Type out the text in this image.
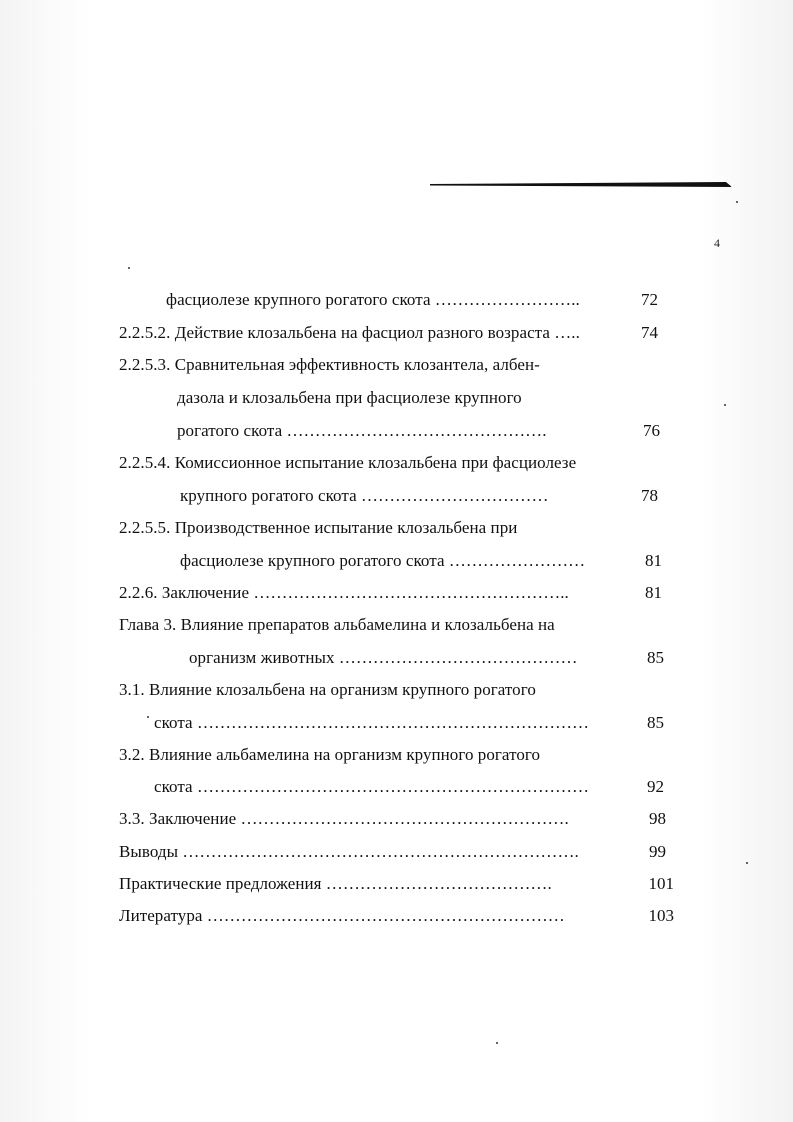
4
фасциолезе крупного рогатого скота ……………………..	72
2.2.5.2. Действие клозальбена на фасциол разного возраста …..	74
2.2.5.3. Сравнительная эффективность клозантела, албен-
дазола и клозальбена при фасциолезе крупного
рогатого скота ……………………………………….	76
2.2.5.4. Комиссионное испытание клозальбена при фасциолезе
крупного рогатого скота ……………………………	78
2.2.5.5. Производственное испытание клозальбена при
фасциолезе крупного рогатого скота ……………………	81
2.2.6. Заключение ………………………………………………..	81
Глава 3. Влияние препаратов альбамелина и клозальбена на
организм животных ……………………………………	85
3.1. Влияние клозальбена на организм крупного рогатого
скота ……………………………………………………………	85
3.2. Влияние альбамелина на организм крупного рогатого
скота ……………………………………………………………	92
3.3. Заключение ………………………………………………….	98
Выводы …………………………………………………………….	99
Практические предложения ………………………………….	101
Литература ………………………………………………………	103
